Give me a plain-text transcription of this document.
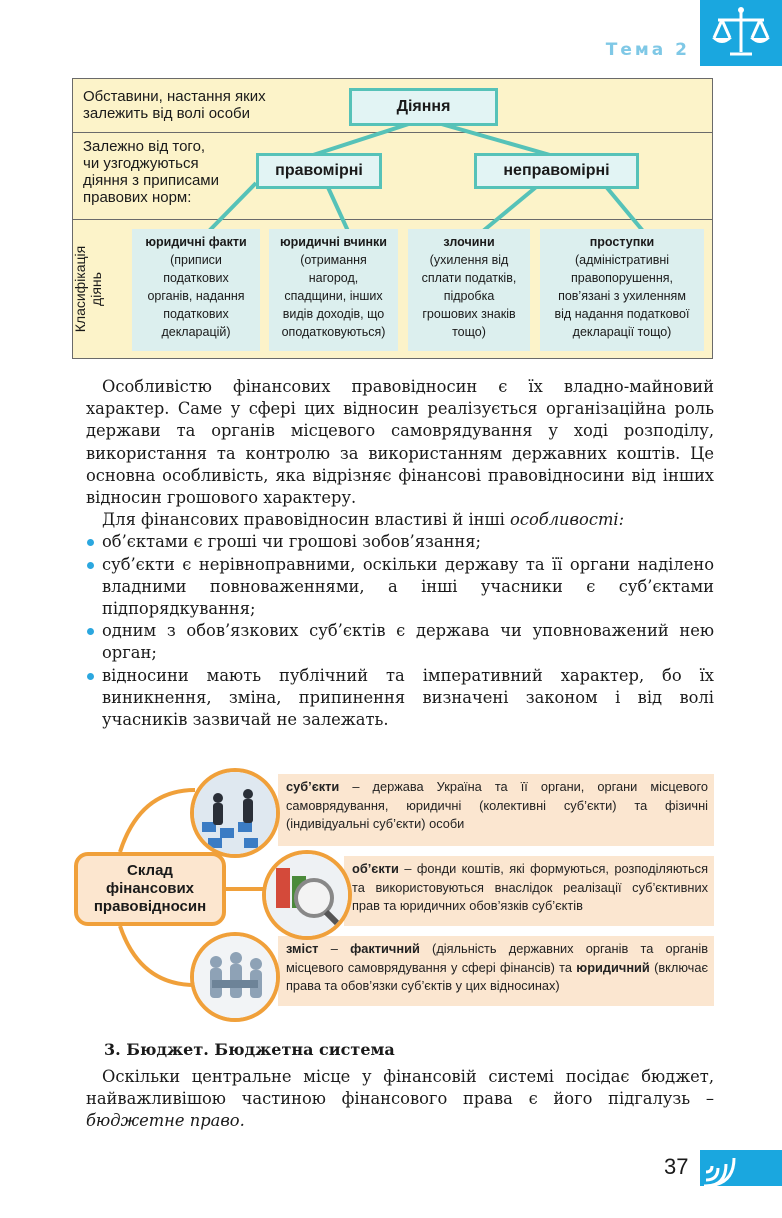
Тема 2
Обставини, настання яких
залежить від волі особи
Залежно від того,
чи узгоджуються
діяння з приписами
правових норм:
Класифікація
діянь
Діяння
правомірні	неправомірні
юридичні факти
(приписи
податкових
органів, надання
податкових
декларацій)
юридичні вчинки
(отримання
нагород,
спадщини, інших
видів доходів, що
оподатковуються)
злочини
(ухилення від
сплати податків,
підробка
грошових знаків
тощо)
проступки
(адміністративні
правопорушення,
пов’язані з ухиленням
від надання податкової
декларації тощо)

Особливістю фінансових правовідносин є їх владно-майновий характер. Саме у сфері цих відносин реалізується організаційна роль держави та органів місцевого самоврядування у ході розподілу, використання та контролю за використанням державних коштів. Це основна особливість, яка відрізняє фінансові правовідносини від інших відносин грошового характеру.

Для фінансових правовідносин властиві й інші особливості:

об’єктами є гроші чи грошові зобов’язання;
суб’єкти є нерівноправними, оскільки державу та її органи наділено владними повноваженнями, а інші учасники є суб’єктами підпорядкування;
одним з обов’язкових суб’єктів є держава чи уповноважений нею орган;
відносини мають публічний та імперативний характер, бо їх виникнення, зміна, припинення визначені законом і від волі учасників зазвичай не залежать.
суб’єкти – держава Україна та її органи, органи місцевого самоврядування, юридичні (колективні суб’єкти) та фізичні (індивідуальні суб’єкти) особи
об’єкти – фонди коштів, які формуються, розподіляються та використовуються внаслідок реалізації суб’єктивних прав та юридичних обов’язків суб’єктів
зміст – фактичний (діяльність державних органів та органів місцевого самоврядування у сфері фінансів) та юридичний (включає права та обов’язки суб’єктів у цих відносинах)
Склад
фінансових
правовідносин
3. Бюджет. Бюджетна система

Оскільки центральне місце у фінансовій системі посідає бюджет, найважливішою частиною фінансового права є його підгалузь – бюджетне право.

37
